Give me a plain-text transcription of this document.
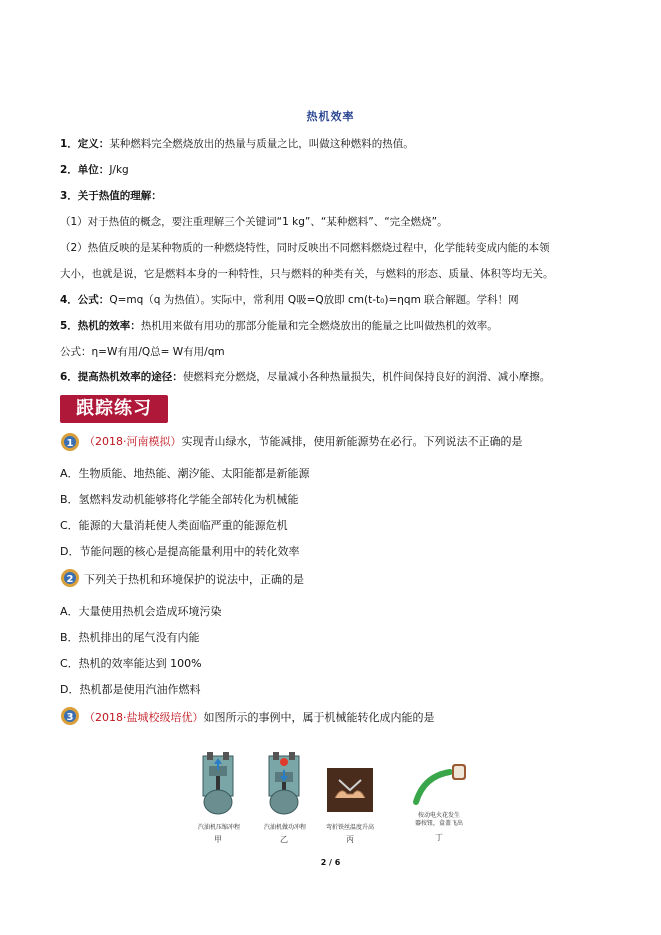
热机效率
1．定义：某种燃料完全燃烧放出的热量与质量之比，叫做这种燃料的热值。
2．单位：J/kg
3．关于热值的理解：
（1）对于热值的概念，要注重理解三个关键词“1 kg”、“某种燃料”、“完全燃烧”。
（2）热值反映的是某种物质的一种燃烧特性，同时反映出不同燃料燃烧过程中，化学能转变成内能的本领
大小，也就是说，它是燃料本身的一种特性，只与燃料的种类有关，与燃料的形态、质量、体积等均无关。
4．公式：Q=mq（q 为热值）。实际中，常利用 Q吸=Q放即 cm(t-t₀)=ηqm 联合解题。学科！网
5．热机的效率：热机用来做有用功的那部分能量和完全燃烧放出的能量之比叫做热机的效率。
公式：η=W有用/Q总= W有用/qm
6．提高热机效率的途径：使燃料充分燃烧，尽量减小各种热量损失，机件间保持良好的润滑、减小摩擦。
跟踪练习
1 （2018·河南模拟）实现青山绿水，节能减排，使用新能源势在必行。下列说法不正确的是
A．生物质能、地热能、潮汐能、太阳能都是新能源
B．氢燃料发动机能够将化学能全部转化为机械能
C．能源的大量消耗使人类面临严重的能源危机
D．节能问题的核心是提高能量利用中的转化效率
2 下列关于热机和环境保护的说法中，正确的是
A．大量使用热机会造成环境污染
B．热机排出的尾气没有内能
C．热机的效率能达到 100%
D．热机都是使用汽油作燃料
3 （2018·盐城校级培优）如图所示的事例中，属于机械能转化成内能的是
汽油机压缩冲程
甲
汽油机做功冲程
乙
弯折铁丝温度升高
丙
按动电火花发生
器按钮，盒盖飞出
丁
2 / 6
